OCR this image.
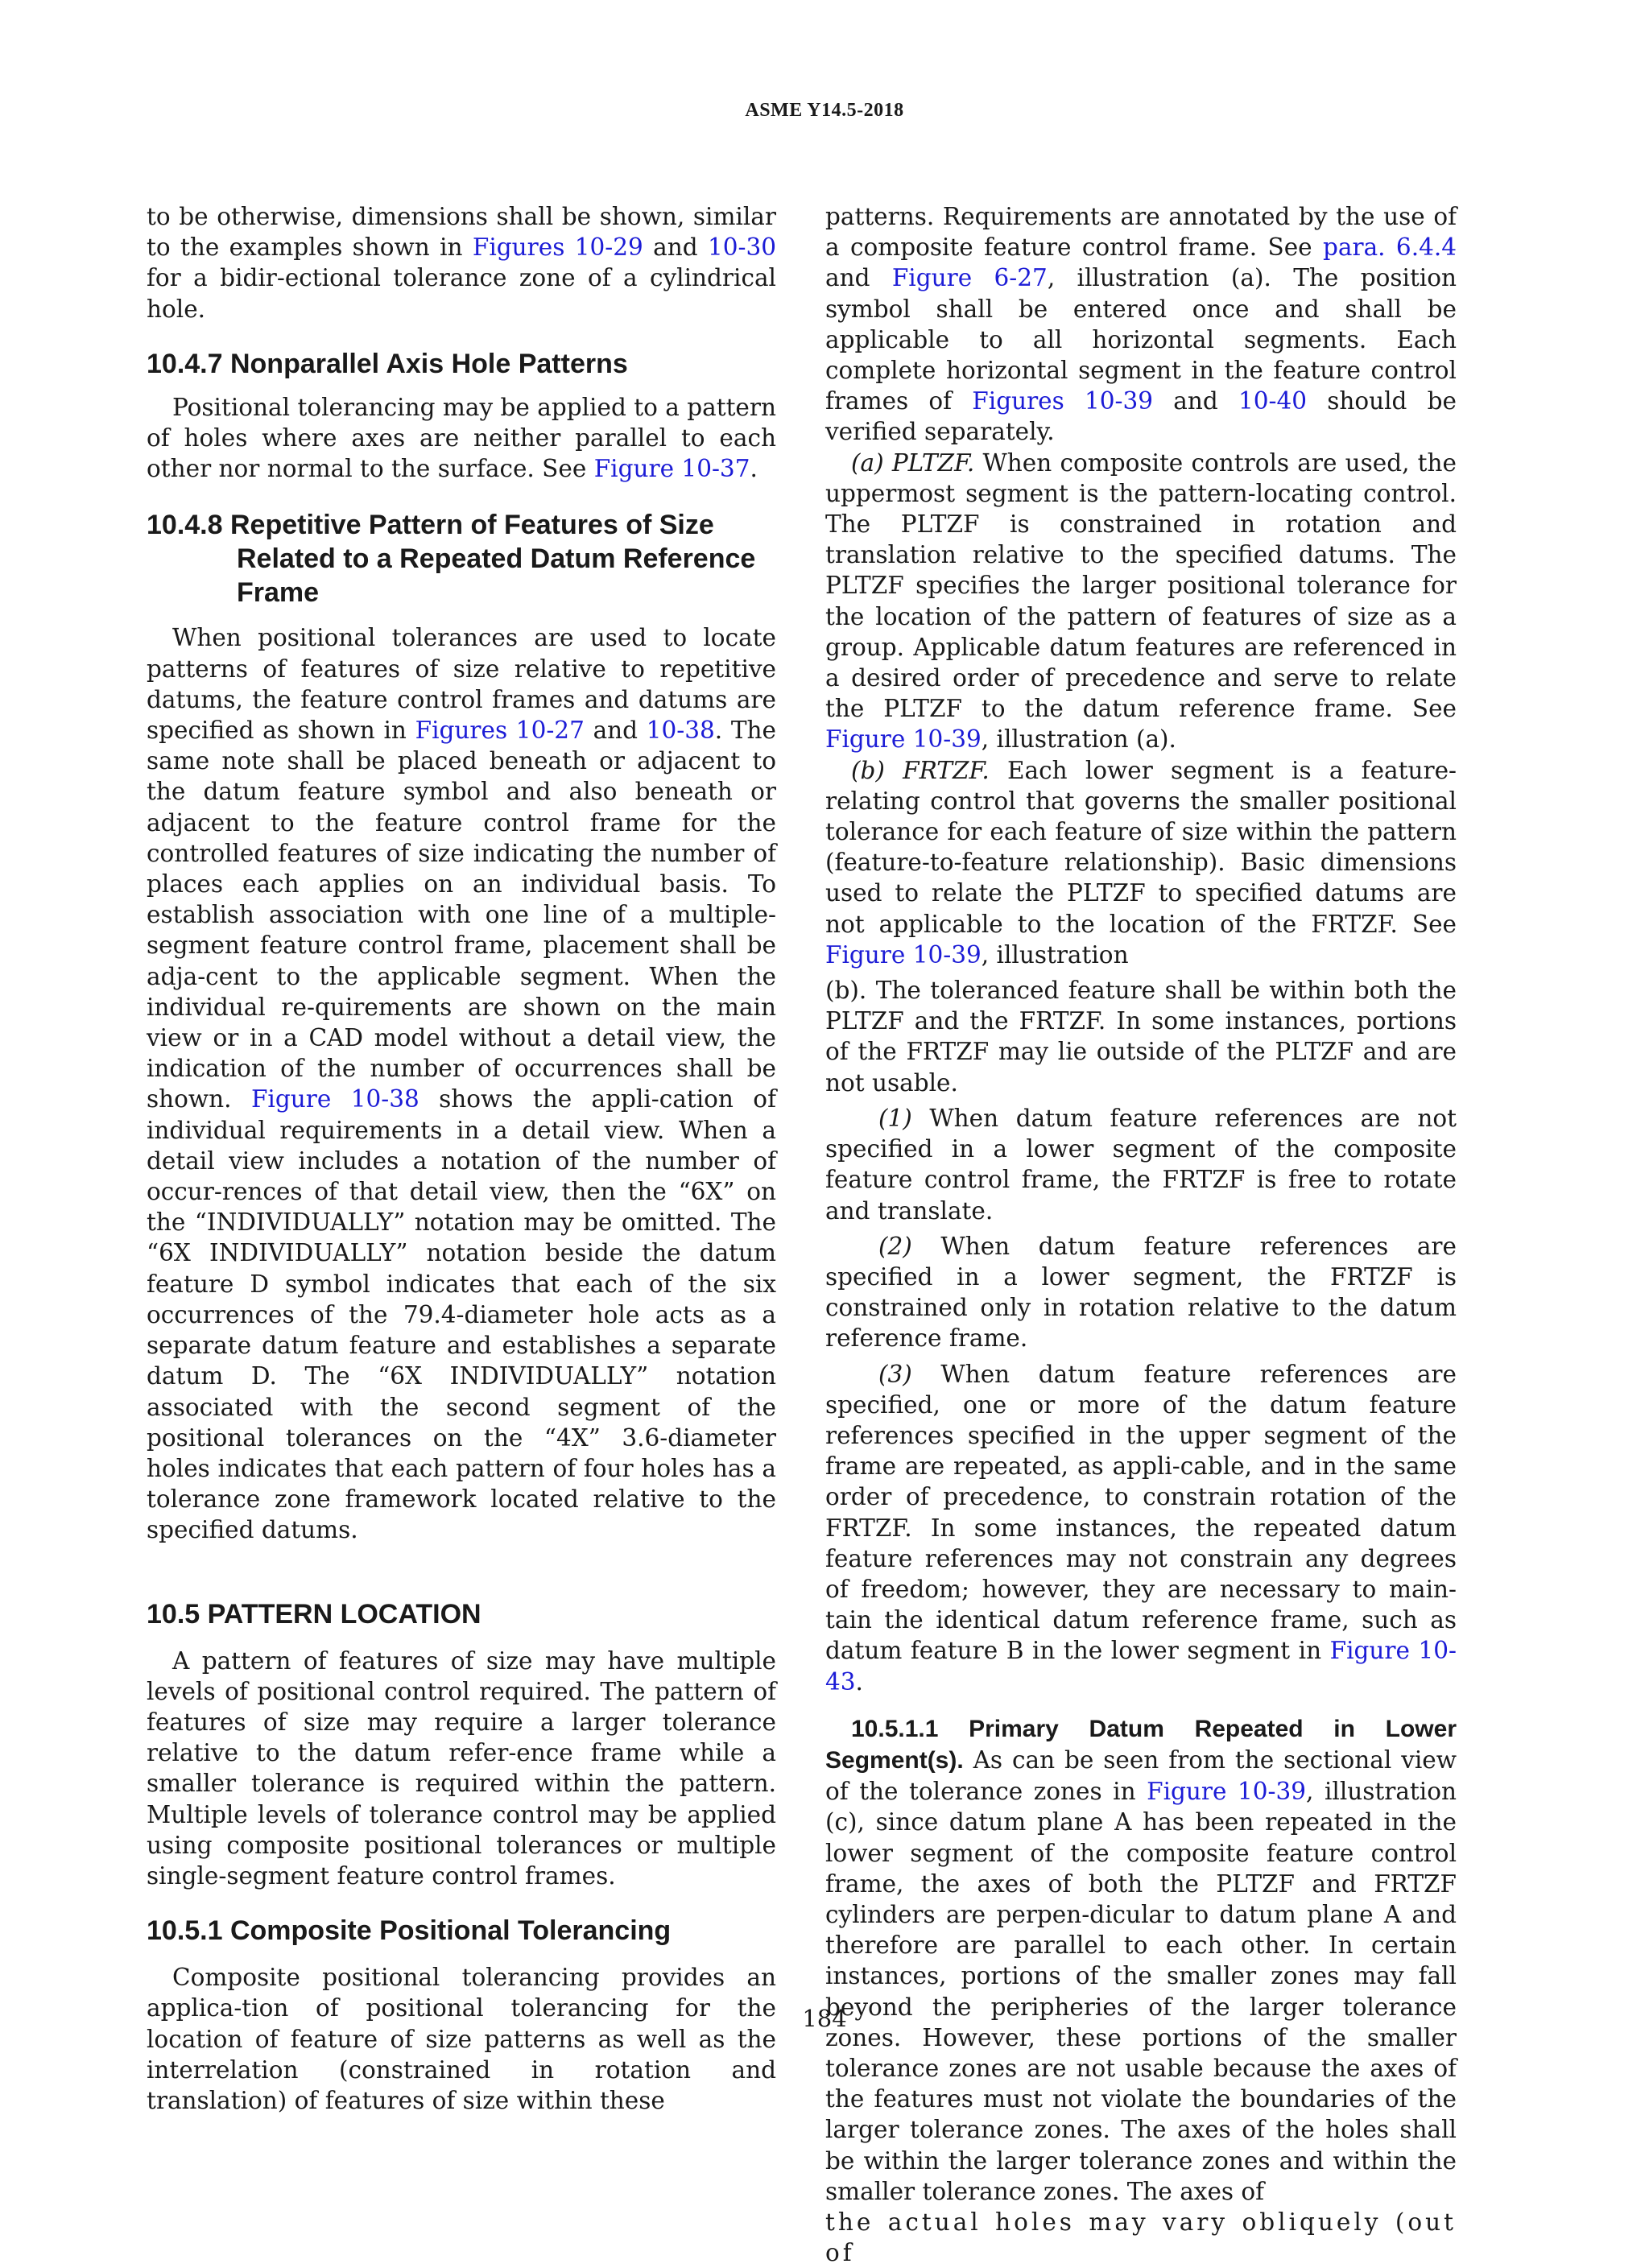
ASME Y14.5-2018

to be otherwise, dimensions shall be shown, similar to the examples shown in Figures 10-29 and 10-30 for a bidir-ectional tolerance zone of a cylindrical hole.

10.4.7 Nonparallel Axis Hole Patterns

Positional tolerancing may be applied to a pattern of holes where axes are neither parallel to each other nor normal to the surface. See Figure 10-37.

10.4.8 Repetitive Pattern of Features of Size Related to a Repeated Datum Reference Frame

When positional tolerances are used to locate patterns of features of size relative to repetitive datums, the feature control frames and datums are specified as shown in Figures 10-27 and 10-38. The same note shall be placed beneath or adjacent to the datum feature symbol and also beneath or adjacent to the feature control frame for the controlled features of size indicating the number of places each applies on an individual basis. To establish association with one line of a multiple-segment feature control frame, placement shall be adja-cent to the applicable segment. When the individual re-quirements are shown on the main view or in a CAD model without a detail view, the indication of the number of occurrences shall be shown. Figure 10-38 shows the appli-cation of individual requirements in a detail view. When a detail view includes a notation of the number of occur-rences of that detail view, then the “6X” on the “INDIVIDUALLY” notation may be omitted. The “6X INDIVIDUALLY” notation beside the datum feature D symbol indicates that each of the six occurrences of the 79.4-diameter hole acts as a separate datum feature and establishes a separate datum D. The “6X INDIVIDUALLY” notation associated with the second segment of the positional tolerances on the “4X” 3.6-diameter holes indicates that each pattern of four holes has a tolerance zone framework located relative to the specified datums.

10.5 PATTERN LOCATION

A pattern of features of size may have multiple levels of positional control required. The pattern of features of size may require a larger tolerance relative to the datum refer-ence frame while a smaller tolerance is required within the pattern. Multiple levels of tolerance control may be applied using composite positional tolerances or multiple single-segment feature control frames.

10.5.1 Composite Positional Tolerancing

Composite positional tolerancing provides an applica-tion of positional tolerancing for the location of feature of size patterns as well as the interrelation (constrained in rotation and translation) of features of size within these

patterns. Requirements are annotated by the use of a composite feature control frame. See para. 6.4.4 and Figure 6-27, illustration (a). The position symbol shall be entered once and shall be applicable to all horizontal segments. Each complete horizontal segment in the feature control frames of Figures 10-39 and 10-40 should be verified separately.

(a) PLTZF. When composite controls are used, the uppermost segment is the pattern-locating control. The PLTZF is constrained in rotation and translation relative to the specified datums. The PLTZF specifies the larger positional tolerance for the location of the pattern of features of size as a group. Applicable datum features are referenced in a desired order of precedence and serve to relate the PLTZF to the datum reference frame. See Figure 10-39, illustration (a).

(b) FRTZF. Each lower segment is a feature-relating control that governs the smaller positional tolerance for each feature of size within the pattern (feature-to-feature relationship). Basic dimensions used to relate the PLTZF to specified datums are not applicable to the location of the FRTZF. See Figure 10-39, illustration

(b). The toleranced feature shall be within both the PLTZF and the FRTZF. In some instances, portions of the FRTZF may lie outside of the PLTZF and are not usable.

(1) When datum feature references are not specified in a lower segment of the composite feature control frame, the FRTZF is free to rotate and translate.

(2) When datum feature references are specified in a lower segment, the FRTZF is constrained only in rotation relative to the datum reference frame.

(3) When datum feature references are specified, one or more of the datum feature references specified in the upper segment of the frame are repeated, as appli-cable, and in the same order of precedence, to constrain rotation of the FRTZF. In some instances, the repeated datum feature references may not constrain any degrees of freedom; however, they are necessary to main-tain the identical datum reference frame, such as datum feature B in the lower segment in Figure 10-43.

10.5.1.1 Primary Datum Repeated in Lower Segment(s). As can be seen from the sectional view of the tolerance zones in Figure 10-39, illustration (c), since datum plane A has been repeated in the lower segment of the composite feature control frame, the axes of both the PLTZF and FRTZF cylinders are perpen-dicular to datum plane A and therefore are parallel to each other. In certain instances, portions of the smaller zones may fall beyond the peripheries of the larger tolerance zones. However, these portions of the smaller tolerance zones are not usable because the axes of the features must not violate the boundaries of the larger tolerance zones. The axes of the holes shall be within the larger tolerance zones and within the smaller tolerance zones. The axes of

the actual holes may vary obliquely (out of

184
